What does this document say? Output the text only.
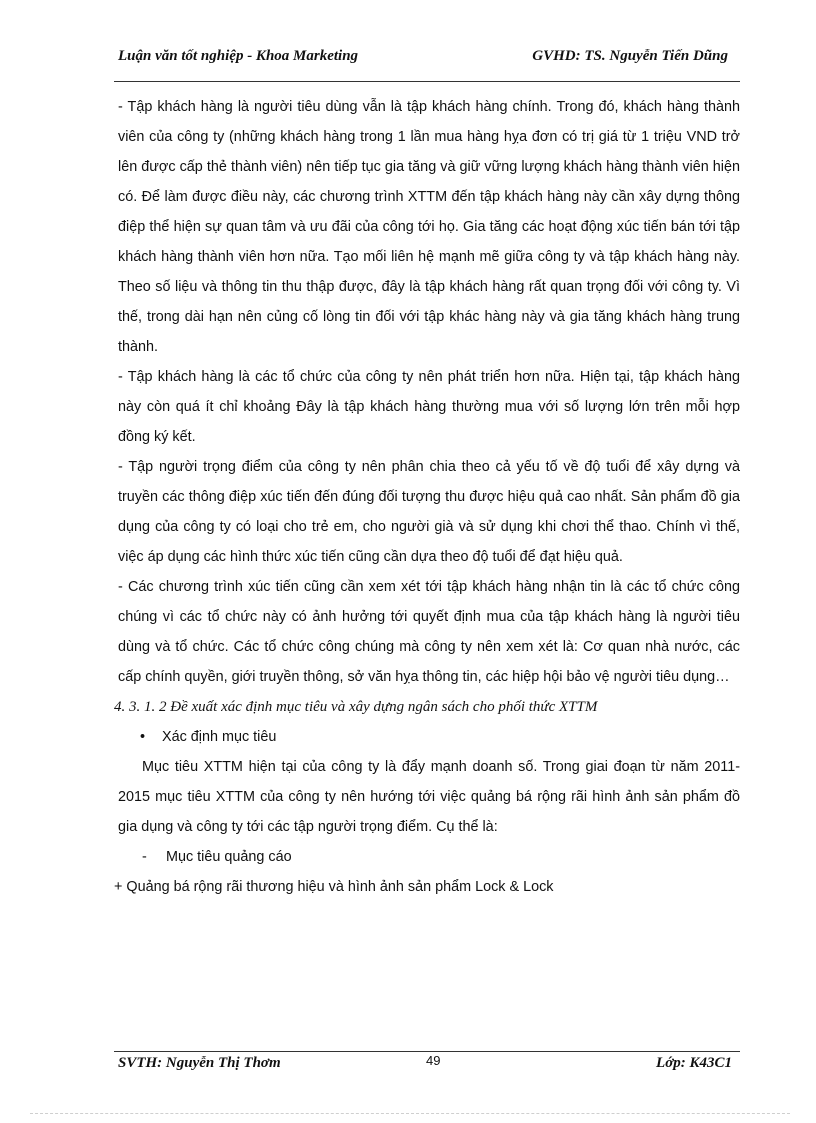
Luận văn tốt nghiệp - Khoa Marketing	GVHD: TS. Nguyễn Tiến Dũng

- Tập khách hàng là người tiêu dùng vẫn là tập khách hàng chính. Trong đó, khách hàng thành viên của công ty (những khách hàng trong 1 lần mua hàng hỵa đơn có trị giá từ 1 triệu VND trở lên được cấp thẻ thành viên) nên tiếp tục gia tăng và giữ vững lượng khách hàng thành viên hiện có. Để làm được điều này, các chương trình XTTM đến tập khách hàng này cần xây dựng thông điệp thể hiện sự quan tâm và ưu đãi của công tới họ. Gia tăng các hoạt động xúc tiến bán tới tập khách hàng thành viên hơn nữa. Tạo mối liên hệ mạnh mẽ giữa công ty và tập khách hàng này. Theo số liệu và thông tin thu thập được, đây là tập khách hàng rất quan trọng đối với công ty. Vì thế, trong dài hạn nên củng cố lòng tin đối với tập khác hàng này và gia tăng khách hàng trung thành.

- Tập khách hàng là các tổ chức của công ty nên phát triển hơn nữa. Hiện tại, tập khách hàng này còn quá ít chỉ khoảng Đây là tập khách hàng thường mua với số lượng lớn trên mỗi hợp đồng ký kết.

- Tập người trọng điểm của công ty nên phân chia theo cả yếu tố về độ tuổi để xây dựng và truyền các thông điệp xúc tiến đến đúng đối tượng thu được hiệu quả cao nhất. Sản phẩm đồ gia dụng của công ty có loại cho trẻ em, cho người già và sử dụng khi chơi thể thao. Chính vì thế, việc áp dụng các hình thức xúc tiến cũng cần dựa theo độ tuổi để đạt hiệu quả.

- Các chương trình xúc tiến cũng cần xem xét tới tập khách hàng nhận tin là các tổ chức công chúng vì các tổ chức này có ảnh hưởng tới quyết định mua của tập khách hàng là người tiêu dùng và tổ chức. Các tổ chức công chúng mà công ty nên xem xét là: Cơ quan nhà nước, các cấp chính quyền, giới truyền thông, sở văn hỵa thông tin, các hiệp hội bảo vệ người tiêu dụng…

4. 3. 1. 2 Đề xuất xác định mục tiêu và xây dựng ngân sách cho phối thức XTTM

• Xác định mục tiêu

Mục tiêu XTTM hiện tại của công ty là đẩy mạnh doanh số. Trong giai đoạn từ năm 2011- 2015 mục tiêu XTTM của công ty nên hướng tới việc quảng bá rộng rãi hình ảnh sản phẩm đồ gia dụng và công ty tới các tập người trọng điểm. Cụ thể là:

- Mục tiêu quảng cáo

+ Quảng bá rộng rãi thương hiệu và hình ảnh sản phẩm Lock & Lock

SVTH: Nguyễn Thị Thơm	49	Lớp: K43C1
